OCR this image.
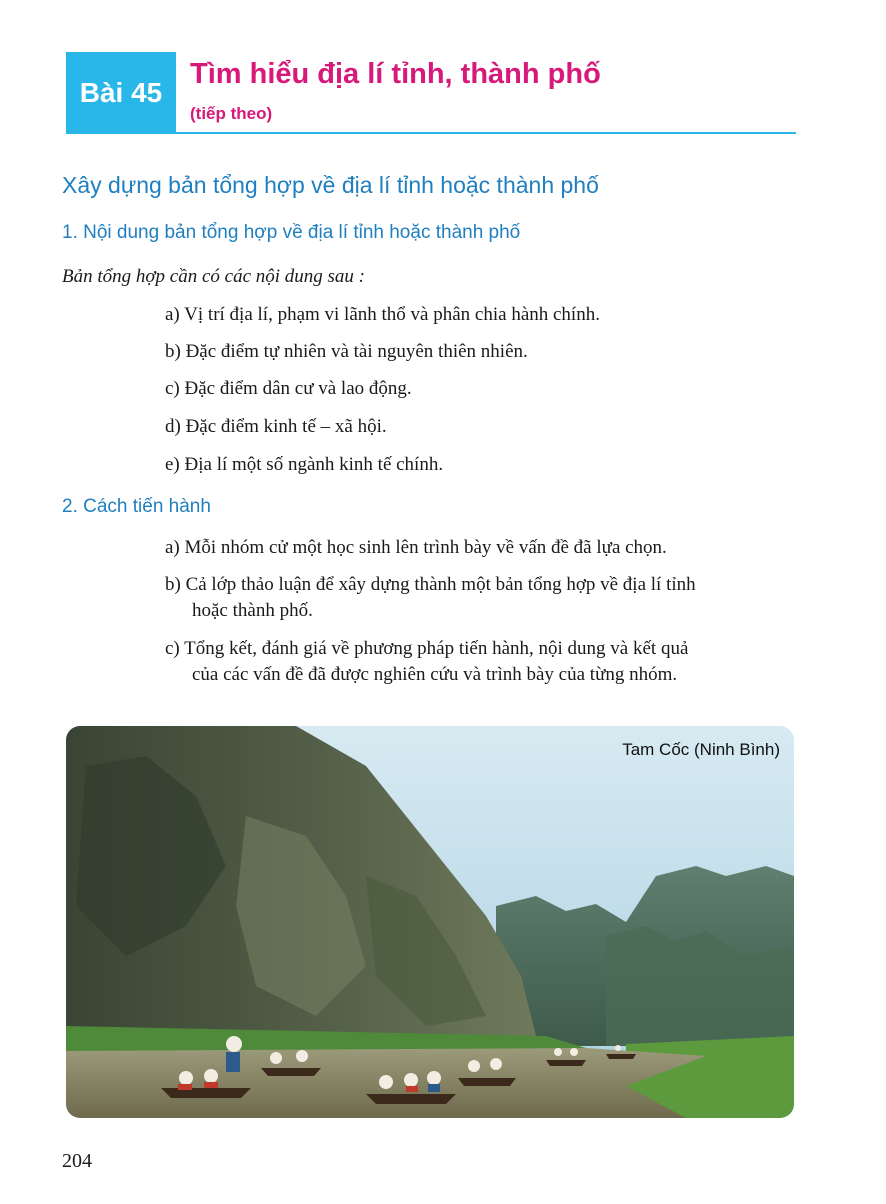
Bài 45
Tìm hiểu địa lí tỉnh, thành phố
(tiếp theo)
Xây dựng bản tổng hợp về địa lí tỉnh hoặc thành phố
1. Nội dung bản tổng hợp về địa lí tỉnh hoặc thành phố
Bản tổng hợp cần có các nội dung sau :
a) Vị trí địa lí, phạm vi lãnh thổ và phân chia hành chính.
b) Đặc điểm tự nhiên và tài nguyên thiên nhiên.
c) Đặc điểm dân cư và lao động.
d) Đặc điểm kinh tế – xã hội.
e) Địa lí một số ngành kinh tế chính.
2. Cách tiến hành
a) Mỗi nhóm cử một học sinh lên trình bày về vấn đề đã lựa chọn.
b) Cả lớp thảo luận để xây dựng thành một bản tổng hợp về địa lí tỉnh
hoặc thành phố.
c) Tổng kết, đánh giá về phương pháp tiến hành, nội dung và kết quả
của các vấn đề đã được nghiên cứu và trình bày của từng nhóm.
Tam Cốc (Ninh Bình)
204
